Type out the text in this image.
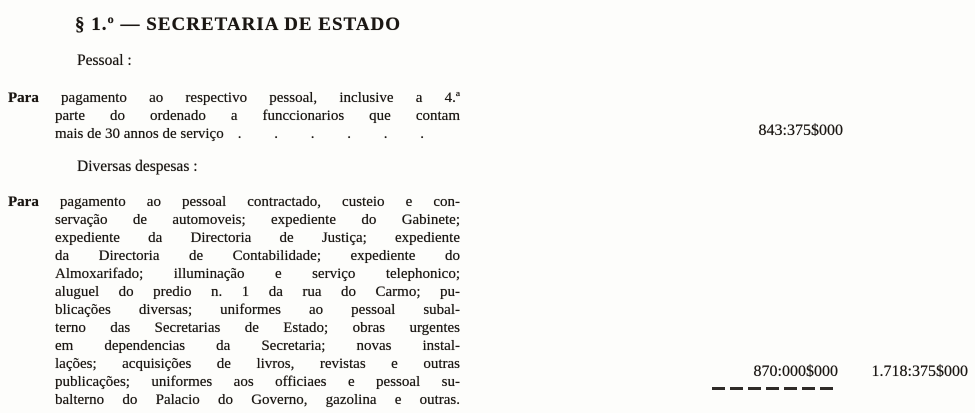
§ 1.º — SECRETARIA DE ESTADO
Pessoal :
Para pagamento ao respectivo pessoal, inclusive a 4.ª
parte do ordenado a funccionarios que contam
mais de 30 annos de serviço . . . . . .	843:375$000
Diversas despesas :
Para pagamento ao pessoal contractado, custeio e con-
servação de automoveis; expediente do Gabinete;
expediente da Directoria de Justiça; expediente
da Directoria de Contabilidade; expediente do
Almoxarifado; illuminação e serviço telephonico;
aluguel do predio n. 1 da rua do Carmo; pu-
blicações diversas; uniformes ao pessoal subal-
terno das Secretarias de Estado; obras urgentes
em dependencias da Secretaria; novas instal-
lações; acquisições de livros, revistas e outras
publicações; uniformes aos officiaes e pessoal su-
balterno do Palacio do Governo, gazolina e outras.
870:000$000	1.718:375$000
